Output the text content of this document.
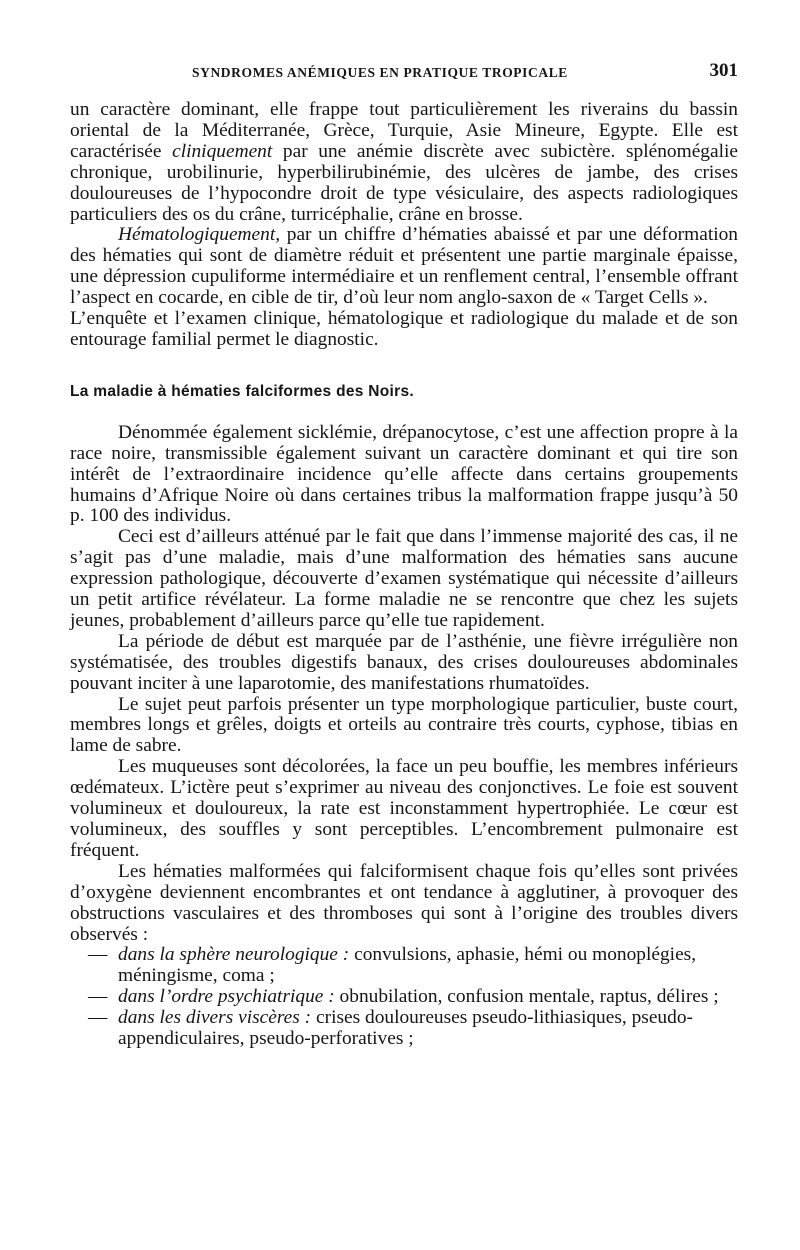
SYNDROMES ANÉMIQUES EN PRATIQUE TROPICALE	301

un caractère dominant, elle frappe tout particulièrement les riverains du bassin oriental de la Méditerranée, Grèce, Turquie, Asie Mineure, Egypte. Elle est caractérisée cliniquement par une anémie discrète avec subictère. splénomégalie chronique, urobilinurie, hyperbilirubinémie, des ulcères de jambe, des crises douloureuses de l’hypocondre droit de type vésiculaire, des aspects radiologiques particuliers des os du crâne, turricéphalie, crâne en brosse.

Hématologiquement, par un chiffre d’hématies abaissé et par une déformation des hématies qui sont de diamètre réduit et présentent une partie marginale épaisse, une dépression cupuliforme intermédiaire et un renflement central, l’ensemble offrant l’aspect en cocarde, en cible de tir, d’où leur nom anglo-saxon de « Target Cells ».

L’enquête et l’examen clinique, hématologique et radiologique du malade et de son entourage familial permet le diagnostic.

La maladie à hématies falciformes des Noirs.

Dénommée également sicklémie, drépanocytose, c’est une affection propre à la race noire, transmissible également suivant un caractère dominant et qui tire son intérêt de l’extraordinaire incidence qu’elle affecte dans certains groupements humains d’Afrique Noire où dans certaines tribus la malformation frappe jusqu’à 50 p. 100 des individus.

Ceci est d’ailleurs atténué par le fait que dans l’immense majorité des cas, il ne s’agit pas d’une maladie, mais d’une malformation des hématies sans aucune expression pathologique, découverte d’examen systématique qui nécessite d’ailleurs un petit artifice révélateur. La forme maladie ne se rencontre que chez les sujets jeunes, probablement d’ailleurs parce qu’elle tue rapidement.

La période de début est marquée par de l’asthénie, une fièvre irrégulière non systématisée, des troubles digestifs banaux, des crises douloureuses abdominales pouvant inciter à une laparotomie, des manifestations rhumatoïdes.

Le sujet peut parfois présenter un type morphologique particulier, buste court, membres longs et grêles, doigts et orteils au contraire très courts, cyphose, tibias en lame de sabre.

Les muqueuses sont décolorées, la face un peu bouffie, les membres inférieurs œdémateux. L’ictère peut s’exprimer au niveau des conjonctives. Le foie est souvent volumineux et douloureux, la rate est inconstamment hypertrophiée. Le cœur est volumineux, des souffles y sont perceptibles. L’encombrement pulmonaire est fréquent.

Les hématies malformées qui falciformisent chaque fois qu’elles sont privées d’oxygène deviennent encombrantes et ont tendance à agglutiner, à provoquer des obstructions vasculaires et des thromboses qui sont à l’origine des troubles divers observés :

— dans la sphère neurologique : convulsions, aphasie, hémi ou monoplégies, méningisme, coma ;

— dans l’ordre psychiatrique : obnubilation, confusion mentale, raptus, délires ;

— dans les divers viscères : crises douloureuses pseudo-lithiasiques, pseudo-appendiculaires, pseudo-perforatives ;
